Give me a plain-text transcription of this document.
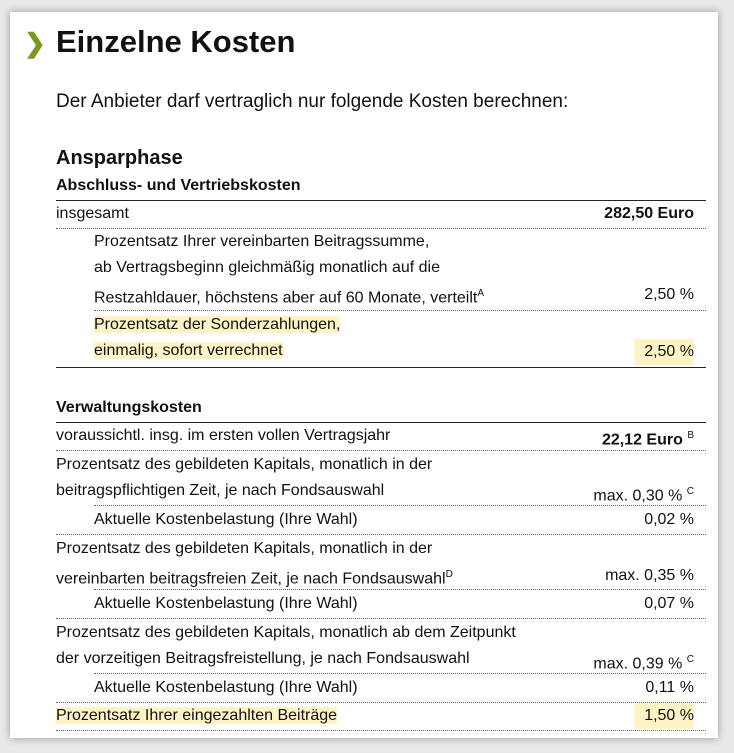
❯ Einzelne Kosten
Der Anbieter darf vertraglich nur folgende Kosten berechnen:
Ansparphase
Abschluss- und Vertriebskosten
insgesamt	282,50 Euro
Prozentsatz Ihrer vereinbarten Beitragssumme,
ab Vertragsbeginn gleichmäßig monatlich auf die
Restzahldauer, höchstens aber auf 60 Monate, verteilt$^A$	2,50 %
Prozentsatz der Sonderzahlungen,
einmalig, sofort verrechnet	2,50 %
Verwaltungskosten
voraussichtl. insg. im ersten vollen Vertragsjahr	22,12 Euro $^B$
Prozentsatz des gebildeten Kapitals, monatlich in der
beitragspflichtigen Zeit, je nach Fondsauswahl	max. 0,30 % $^C$
Aktuelle Kostenbelastung (Ihre Wahl)	0,02 %
Prozentsatz des gebildeten Kapitals, monatlich in der
vereinbarten beitragsfreien Zeit, je nach Fondsauswahl$^D$	max. 0,35 %
Aktuelle Kostenbelastung (Ihre Wahl)	0,07 %
Prozentsatz des gebildeten Kapitals, monatlich ab dem Zeitpunkt
der vorzeitigen Beitragsfreistellung, je nach Fondsauswahl	max. 0,39 % $^C$
Aktuelle Kostenbelastung (Ihre Wahl)	0,11 %
Prozentsatz Ihrer eingezahlten Beiträge	1,50 %
